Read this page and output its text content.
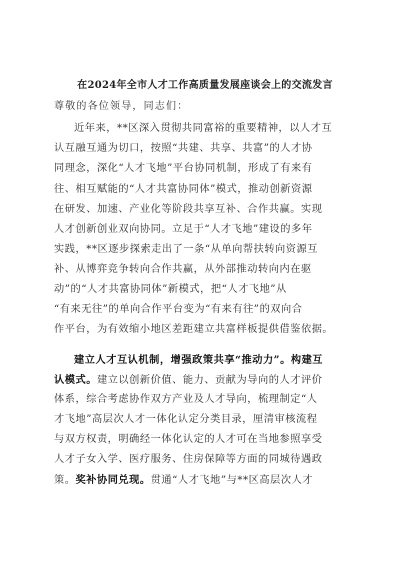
在2024年全市人才工作高质量发展座谈会上的交流发言
尊敬的各位领导，同志们：
近年来，**区深入贯彻共同富裕的重要精神，以人才互
认互融互通为切口，按照“共建、共享、共富”的人才协
同理念，深化“人才飞地”平台协同机制，形成了有来有
往、相互赋能的“人才共富协同体”模式，推动创新资源
在研发、加速、产业化等阶段共享互补、合作共赢。实现
人才创新创业双向协同。立足于“人才飞地”建设的多年
实践，**区逐步探索走出了一条“从单向帮扶转向资源互
补、从博弈竞争转向合作共赢，从外部推动转向内在驱
动”的“人才共富协同体”新模式，把“人才飞地”从
“有来无往”的单向合作平台变为“有来有往”的双向合
作平台，为有效缩小地区差距建立共富样板提供借鉴依据。
建立人才互认机制，增强政策共享“推动力”。构建互
认模式。建立以创新价值、能力、贡献为导向的人才评价
体系，综合考虑协作双方产业及人才导向，梳理制定“人
才飞地”高层次人才一体化认定分类目录，厘清审核流程
与双方权责，明确经一体化认定的人才可在当地参照享受
人才子女入学、医疗服务、住房保障等方面的同城待遇政
策。奖补协同兑现。贯通“人才飞地”与**区高层次人才
